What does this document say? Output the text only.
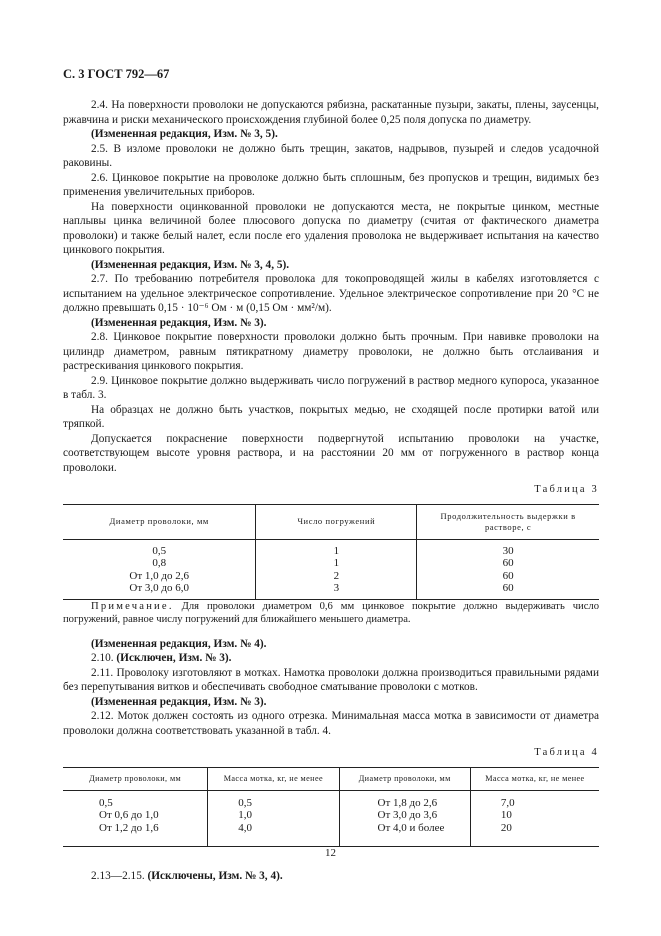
С. 3 ГОСТ 792—67

2.4. На поверхности проволоки не допускаются рябизна, раскатанные пузыри, закаты, плены, заусенцы, ржавчина и риски механического происхождения глубиной более 0,25 поля допуска по диаметру.

(Измененная редакция, Изм. № 3, 5).

2.5. В изломе проволоки не должно быть трещин, закатов, надрывов, пузырей и следов усадочной раковины.

2.6. Цинковое покрытие на проволоке должно быть сплошным, без пропусков и трещин, видимых без применения увеличительных приборов.

На поверхности оцинкованной проволоки не допускаются места, не покрытые цинком, местные наплывы цинка величиной более плюсового допуска по диаметру (считая от фактического диаметра проволоки) и также белый налет, если после его удаления проволока не выдерживает испытания на качество цинкового покрытия.

(Измененная редакция, Изм. № 3, 4, 5).

2.7. По требованию потребителя проволока для токопроводящей жилы в кабелях изготовляется с испытанием на удельное электрическое сопротивление. Удельное электрическое сопротивление при 20 °С не должно превышать 0,15 · 10⁻⁶ Ом · м (0,15 Ом · мм²/м).

(Измененная редакция, Изм. № 3).

2.8. Цинковое покрытие поверхности проволоки должно быть прочным. При навивке проволоки на цилиндр диаметром, равным пятикратному диаметру проволоки, не должно быть отслаивания и растрескивания цинкового покрытия.

2.9. Цинковое покрытие должно выдерживать число погружений в раствор медного купороса, указанное в табл. 3.

На образцах не должно быть участков, покрытых медью, не сходящей после протирки ватой или тряпкой.

Допускается покраснение поверхности подвергнутой испытанию проволоки на участке, соответствующем высоте уровня раствора, и на расстоянии 20 мм от погруженного в раствор конца проволоки.

Таблица 3
Диаметр проволоки, мм	Число погружений	Продолжительность выдержки в растворе, с
0,5	1	30
0,8	1	60
От 1,0 до 2,6	2	60
От 3,0 до 6,0	3	60

Примечание. Для проволоки диаметром 0,6 мм цинковое покрытие должно выдерживать число погружений, равное числу погружений для ближайшего меньшего диаметра.

(Измененная редакция, Изм. № 4).

2.10. (Исключен, Изм. № 3).

2.11. Проволоку изготовляют в мотках. Намотка проволоки должна производиться правильными рядами без перепутывания витков и обеспечивать свободное сматывание проволоки с мотков.

(Измененная редакция, Изм. № 3).

2.12. Моток должен состоять из одного отрезка. Минимальная масса мотка в зависимости от диаметра проволоки должна соответствовать указанной в табл. 4.

Таблица 4
Диаметр проволоки, мм	Масса мотка, кг, не менее	Диаметр проволоки, мм	Масса мотка, кг, не менее
0,5	0,5	От 1,8 до 2,6	7,0
От 0,6 до 1,0	1,0	От 3,0 до 3,6	10
От 1,2 до 1,6	4,0	От 4,0 и более	20

2.13—2.15. (Исключены, Изм. № 3, 4).

12
